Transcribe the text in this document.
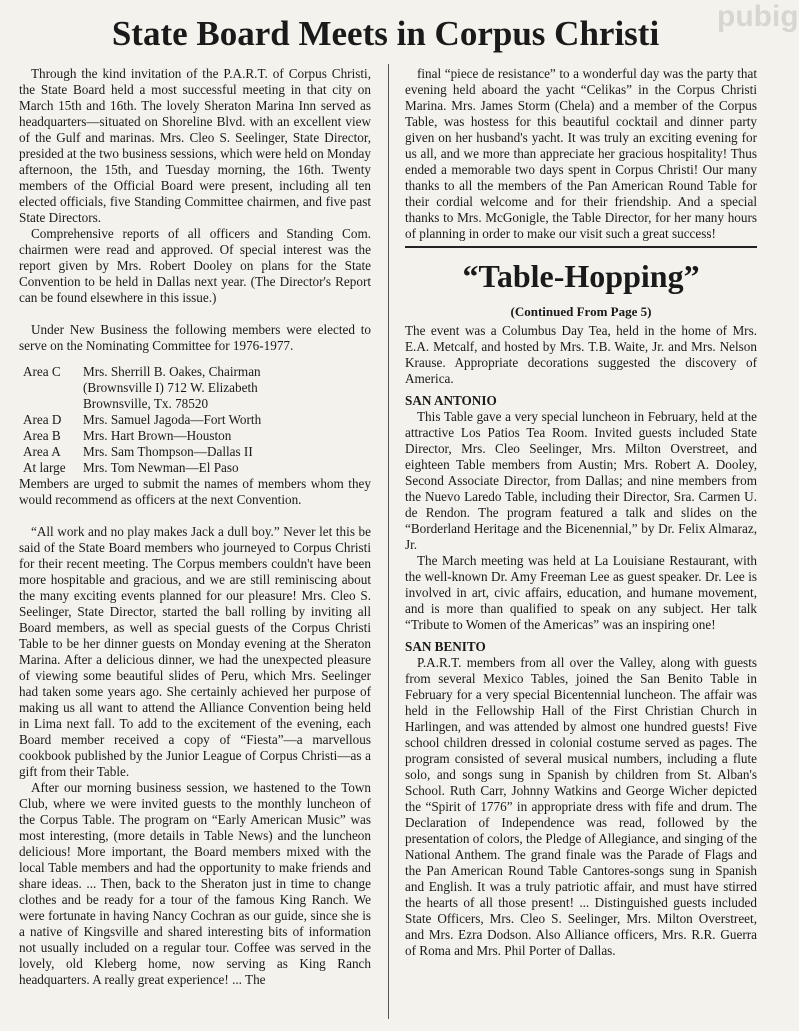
pubig
State Board Meets in Corpus Christi

Through the kind invitation of the P.A.R.T. of Corpus Christi, the State Board held a most successful meeting in that city on March 15th and 16th. The lovely Sheraton Marina Inn served as headquarters—situated on Shoreline Blvd. with an excellent view of the Gulf and marinas. Mrs. Cleo S. Seelinger, State Director, presided at the two business sessions, which were held on Monday afternoon, the 15th, and Tuesday morning, the 16th. Twenty members of the Official Board were present, including all ten elected officials, five Standing Committee chairmen, and five past State Directors.

Comprehensive reports of all officers and Standing Com. chairmen were read and approved. Of special interest was the report given by Mrs. Robert Dooley on plans for the State Convention to be held in Dallas next year. (The Director's Report can be found elsewhere in this issue.)

Under New Business the following members were elected to serve on the Nominating Committee for 1976-1977.

Area C	Mrs. Sherrill B. Oakes, Chairman
	(Brownsville I) 712 W. Elizabeth
	Brownsville, Tx. 78520
Area D	Mrs. Samuel Jagoda—Fort Worth
Area B	Mrs. Hart Brown—Houston
Area A	Mrs. Sam Thompson—Dallas II
At large	Mrs. Tom Newman—El Paso

Members are urged to submit the names of members whom they would recommend as officers at the next Convention.

“All work and no play makes Jack a dull boy.” Never let this be said of the State Board members who journeyed to Corpus Christi for their recent meeting. The Corpus members couldn't have been more hospitable and gracious, and we are still reminiscing about the many exciting events planned for our pleasure! Mrs. Cleo S. Seelinger, State Director, started the ball rolling by inviting all Board members, as well as special guests of the Corpus Christi Table to be her dinner guests on Monday evening at the Sheraton Marina. After a delicious dinner, we had the unexpected pleasure of viewing some beautiful slides of Peru, which Mrs. Seelinger had taken some years ago. She certainly achieved her purpose of making us all want to attend the Alliance Convention being held in Lima next fall. To add to the excitement of the evening, each Board member received a copy of “Fiesta”—a marvellous cookbook published by the Junior League of Corpus Christi—as a gift from their Table.

After our morning business session, we hastened to the Town Club, where we were invited guests to the monthly luncheon of the Corpus Table. The program on “Early American Music” was most interesting, (more details in Table News) and the luncheon delicious! More important, the Board members mixed with the local Table members and had the opportunity to make friends and share ideas. ... Then, back to the Sheraton just in time to change clothes and be ready for a tour of the famous King Ranch. We were fortunate in having Nancy Cochran as our guide, since she is a native of Kingsville and shared interesting bits of information not usually included on a regular tour. Coffee was served in the lovely, old Kleberg home, now serving as King Ranch headquarters. A really great experience! ... The

final “piece de resistance” to a wonderful day was the party that evening held aboard the yacht “Celikas” in the Corpus Christi Marina. Mrs. James Storm (Chela) and a member of the Corpus Table, was hostess for this beautiful cocktail and dinner party given on her husband's yacht. It was truly an exciting evening for us all, and we more than appreciate her gracious hospitality! Thus ended a memorable two days spent in Corpus Christi! Our many thanks to all the members of the Pan American Round Table for their cordial welcome and for their friendship. And a special thanks to Mrs. McGonigle, the Table Director, for her many hours of planning in order to make our visit such a great success!

“Table-Hopping”
(Continued From Page 5)

The event was a Columbus Day Tea, held in the home of Mrs. E.A. Metcalf, and hosted by Mrs. T.B. Waite, Jr. and Mrs. Nelson Krause. Appropriate decorations suggested the discovery of America.

SAN ANTONIO

This Table gave a very special luncheon in February, held at the attractive Los Patios Tea Room. Invited guests included State Director, Mrs. Cleo Seelinger, Mrs. Milton Overstreet, and eighteen Table members from Austin; Mrs. Robert A. Dooley, Second Associate Director, from Dallas; and nine members from the Nuevo Laredo Table, including their Director, Sra. Carmen U. de Rendon. The program featured a talk and slides on the “Borderland Heritage and the Bicenennial,” by Dr. Felix Almaraz, Jr.

The March meeting was held at La Louisiane Restaurant, with the well-known Dr. Amy Freeman Lee as guest speaker. Dr. Lee is involved in art, civic affairs, education, and humane movement, and is more than qualified to speak on any subject. Her talk “Tribute to Women of the Americas” was an inspiring one!

SAN BENITO

P.A.R.T. members from all over the Valley, along with guests from several Mexico Tables, joined the San Benito Table in February for a very special Bicentennial luncheon. The affair was held in the Fellowship Hall of the First Christian Church in Harlingen, and was attended by almost one hundred guests! Five school children dressed in colonial costume served as pages. The program consisted of several musical numbers, including a flute solo, and songs sung in Spanish by children from St. Alban's School. Ruth Carr, Johnny Watkins and George Wicher depicted the “Spirit of 1776” in appropriate dress with fife and drum. The Declaration of Independence was read, followed by the presentation of colors, the Pledge of Allegiance, and singing of the National Anthem. The grand finale was the Parade of Flags and the Pan American Round Table Cantores-songs sung in Spanish and English. It was a truly patriotic affair, and must have stirred the hearts of all those present! ... Distinguished guests included State Officers, Mrs. Cleo S. Seelinger, Mrs. Milton Overstreet, and Mrs. Ezra Dodson. Also Alliance officers, Mrs. R.R. Guerra of Roma and Mrs. Phil Porter of Dallas.
